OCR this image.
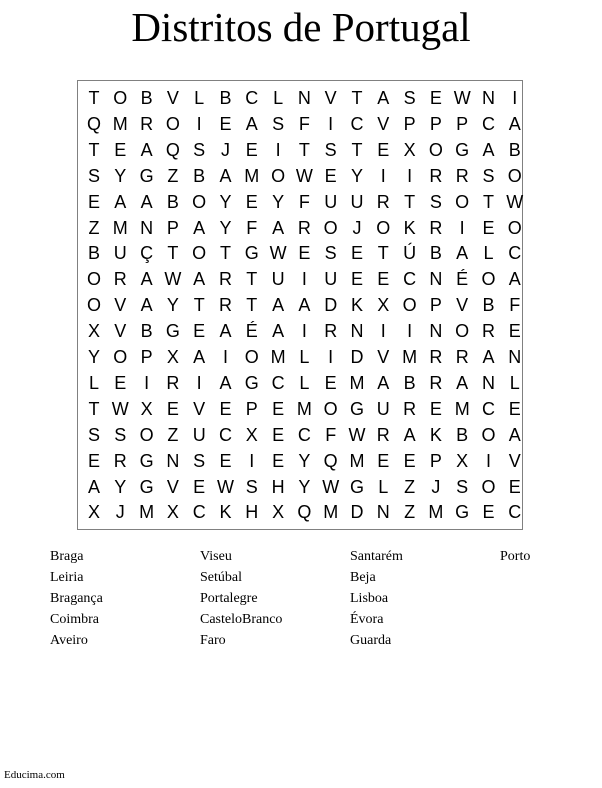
Distritos de Portugal
T O B V L B C L N V T A S E W N I
Q M R O I E A S F	I C V P P P C A
T E A Q S J E I	T S T E X O G A B
S Y G Z B A M O W E Y I	I R R S O
E A A B O Y E Y F U U R T S O T W
Z M N P A Y F A R O J O K R I E O
B U Ç T O T G W E S E T Ú B A L C
O R A W A R T U I U E E C N É O A
O V A Y T R T A A D K X O P V B F
X V B G E A É A I R N I	I N O R E
Y O P X A I O M L	I D V M R R A N
L E I R I A G C L E M A B R A N L
T W X E V E P E M O G U R E M C E
S S O Z U C X E C F W R A K B O A
E R G N S E I E Y Q M E E P X I V
A Y G V E W S H Y W G L Z J S O E
X J M X C K H X Q M D N Z M G E C
Braga
Leiria
Bragança
Coimbra
Aveiro
Viseu
Setúbal
Portalegre
CasteloBranco
Faro
Santarém
Beja
Lisboa
Évora
Guarda
Porto
Educima.com
